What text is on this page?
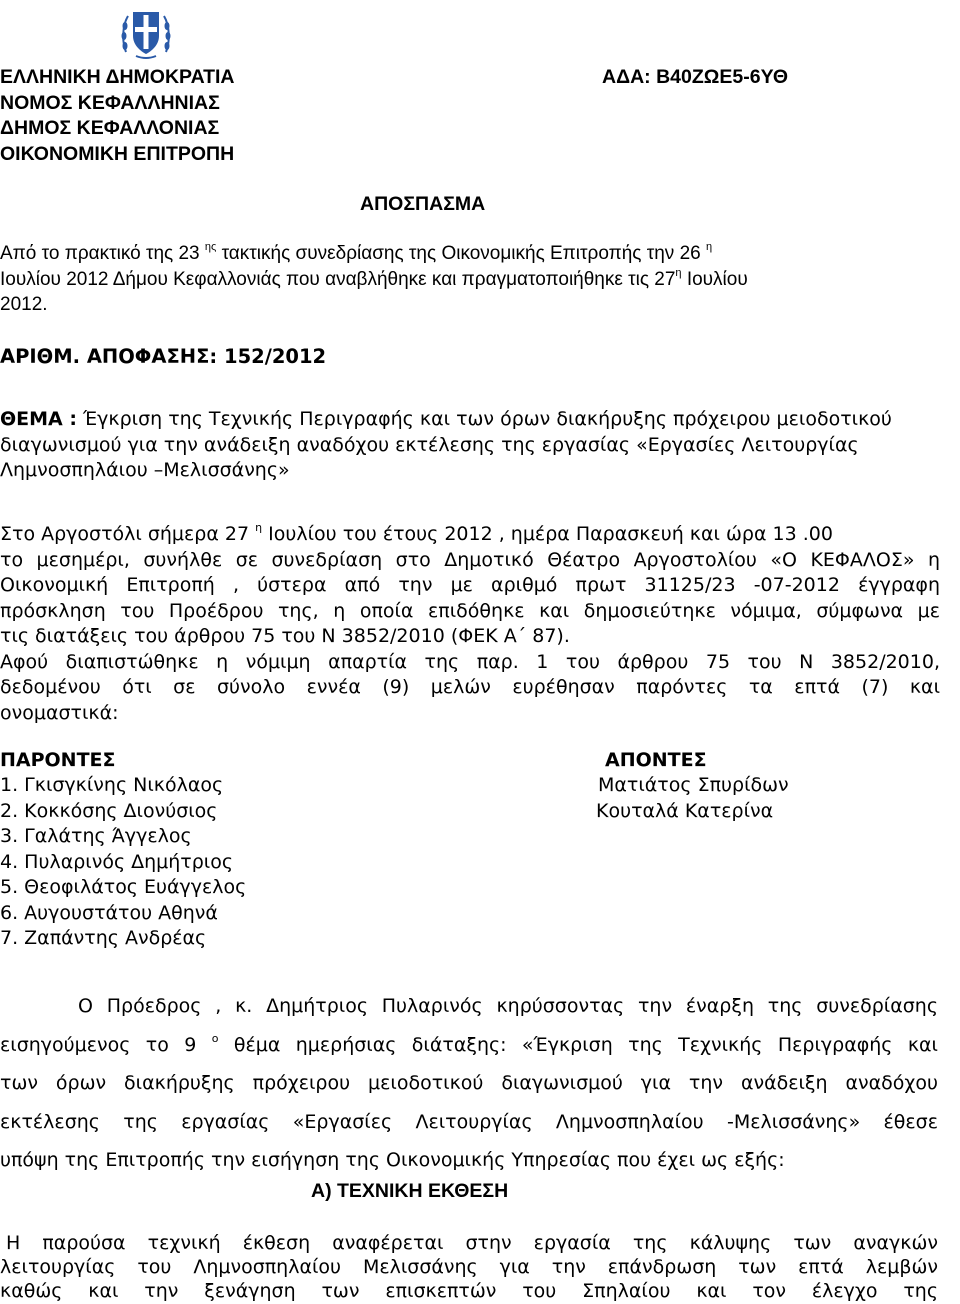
ΕΛΛΗΝΙΚΗ ΔΗΜΟΚΡΑΤΙΑ
ΝΟΜΟΣ ΚΕΦΑΛΛΗΝΙΑΣ
ΔΗΜΟΣ ΚΕΦΑΛΛΟΝΙΑΣ
ΟΙΚΟΝΟΜΙΚΗ ΕΠΙΤΡΟΠΗ
ΑΔΑ: Β40ΖΩΕ5-6ΥΘ
ΑΠΟΣΠΑΣΜΑ
Από το πρακτικό της 23 $^{\eta\varsigma}$ τακτικής συνεδρίασης της Οικονομικής Επιτροπής την 26 $^\eta$
Ιουλίου 2012 Δήμου Κεφαλλονιάς που αναβλήθηκε και πραγματοποιήθηκε τις $27^\eta$ Ιουλίου
2012.
ΑΡΙΘΜ. ΑΠΟΦΑΣΗΣ: 152/2012
ΘΕΜΑ : Έγκριση της Τεχνικής Περιγραφής και των όρων διακήρυξης πρόχειρου μειοδοτικού
διαγωνισμού για την ανάδειξη αναδόχου εκτέλεσης της εργασίας «Εργασίες Λειτουργίας
Λημνοσπηλάιου –Μελισσάνης»
Στο Αργοστόλι σήμερα 27 $^\eta$ Ιουλίου του έτους 2012 , ημέρα Παρασκευή και ώρα 13 .00
το μεσημέρι, συνήλθε σε συνεδρίαση στο Δημοτικό Θέατρο Αργοστολίου «Ο ΚΕΦΑΛΟΣ» η
Οικονομική Επιτροπή , ύστερα από την με αριθμό πρωτ 31125/23 -07-2012 έγγραφη
πρόσκληση του Προέδρου της, η οποία επιδόθηκε και δημοσιεύτηκε νόμιμα, σύμφωνα με
τις διατάξεις του άρθρου 75 του Ν 3852/2010 (ΦΕΚ Α΄ 87).
Αφού διαπιστώθηκε η νόμιμη απαρτία της παρ. 1 του άρθρου 75 του Ν 3852/2010,
δεδομένου ότι σε σύνολο εννέα (9) μελών ευρέθησαν παρόντες τα επτά (7) και
ονομαστικά:
ΠΑΡΟΝΤΕΣ	ΑΠΟΝΤΕΣ
1. Γκισγκίνης Νικόλαος
2. Κοκκόσης Διονύσιος
3. Γαλάτης Άγγελος
4. Πυλαρινός Δημήτριος
5. Θεοφιλάτος Ευάγγελος
6. Αυγουστάτου Αθηνά
7. Ζαπάντης Ανδρέας
Ματιάτος Σπυρίδων
Κουταλά Κατερίνα
Ο Πρόεδρος , κ. Δημήτριος Πυλαρινός κηρύσσοντας την έναρξη της συνεδρίασης
εισηγούμενος το 9 $^o$ θέμα ημερήσιας διάταξης: «Έγκριση της Τεχνικής Περιγραφής και
των όρων διακήρυξης πρόχειρου μειοδοτικού διαγωνισμού για την ανάδειξη αναδόχου
εκτέλεσης της εργασίας «Εργασίες Λειτουργίας Λημνοσπηλαίου -Μελισσάνης» έθεσε
υπόψη της Επιτροπής την εισήγηση της Οικονομικής Υπηρεσίας που έχει ως εξής:
Α) ΤΕΧΝΙΚΗ ΕΚΘΕΣΗ
Η παρούσα τεχνική έκθεση αναφέρεται στην εργασία της κάλυψης των αναγκών
λειτουργίας του Λημνοσπηλαίου Μελισσάνης για την επάνδρωση των επτά λεμβών
καθώς και την ξενάγηση των επισκεπτών του Σπηλαίου και τον έλεγχο της
